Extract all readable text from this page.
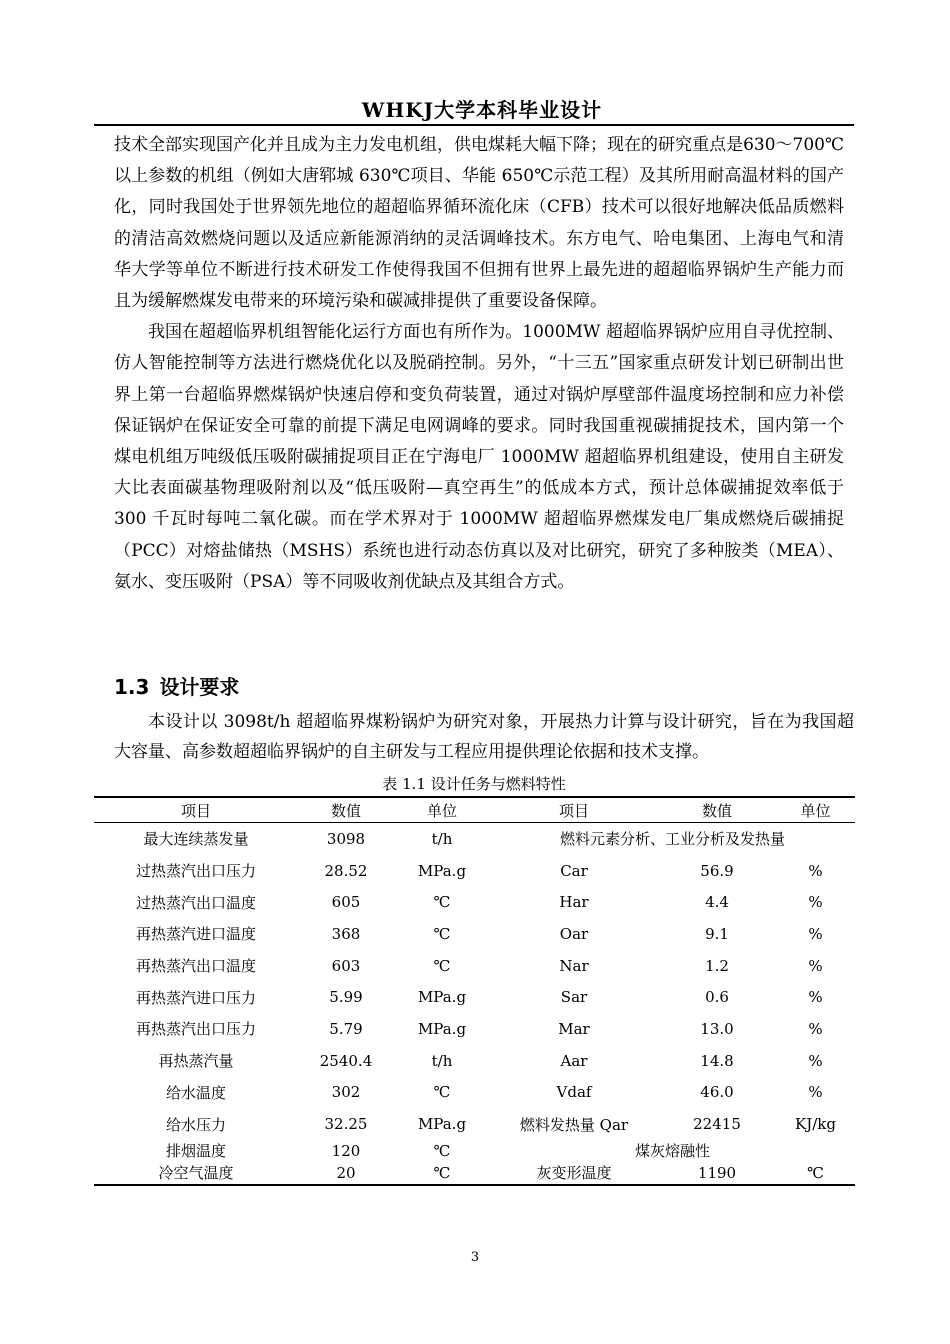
WHKJ大学本科毕业设计

技术全部实现国产化并且成为主力发电机组，供电煤耗大幅下降；现在的研究重点是630～700℃以上参数的机组（例如大唐郓城 630℃项目、华能 650℃示范工程）及其所用耐高温材料的国产化，同时我国处于世界领先地位的超超临界循环流化床（CFB）技术可以很好地解决低品质燃料的清洁高效燃烧问题以及适应新能源消纳的灵活调峰技术。东方电气、哈电集团、上海电气和清华大学等单位不断进行技术研发工作使得我国不但拥有世界上最先进的超超临界锅炉生产能力而且为缓解燃煤发电带来的环境污染和碳减排提供了重要设备保障。

我国在超超临界机组智能化运行方面也有所作为。1000MW 超超临界锅炉应用自寻优控制、仿人智能控制等方法进行燃烧优化以及脱硝控制。另外，“十三五”国家重点研发计划已研制出世界上第一台超临界燃煤锅炉快速启停和变负荷装置，通过对锅炉厚壁部件温度场控制和应力补偿保证锅炉在保证安全可靠的前提下满足电网调峰的要求。同时我国重视碳捕捉技术，国内第一个煤电机组万吨级低压吸附碳捕捉项目正在宁海电厂 1000MW 超超临界机组建设，使用自主研发大比表面碳基物理吸附剂以及“低压吸附—真空再生”的低成本方式，预计总体碳捕捉效率低于 300 千瓦时每吨二氧化碳。而在学术界对于 1000MW 超超临界燃煤发电厂集成燃烧后碳捕捉（PCC）对熔盐储热（MSHS）系统也进行动态仿真以及对比研究，研究了多种胺类（MEA）、氨水、变压吸附（PSA）等不同吸收剂优缺点及其组合方式。

1.3 设计要求

本设计以 3098t/h 超超临界煤粉锅炉为研究对象，开展热力计算与设计研究，旨在为我国超大容量、高参数超超临界锅炉的自主研发与工程应用提供理论依据和技术支撑。

表 1.1 设计任务与燃料特性
项目	数值	单位	项目	数值	单位
最大连续蒸发量	3098	t/h	燃料元素分析、工业分析及发热量		
过热蒸汽出口压力	28.52	MPa.g	Car	56.9	%
过热蒸汽出口温度	605	℃	Har	4.4	%
再热蒸汽进口温度	368	℃	Oar	9.1	%
再热蒸汽出口温度	603	℃	Nar	1.2	%
再热蒸汽进口压力	5.99	MPa.g	Sar	0.6	%
再热蒸汽出口压力	5.79	MPa.g	Mar	13.0	%
再热蒸汽量	2540.4	t/h	Aar	14.8	%
给水温度	302	℃	Vdaf	46.0	%
给水压力	32.25	MPa.g	燃料发热量 Qar	22415	KJ/kg
排烟温度	120	℃	煤灰熔融性		
冷空气温度	20	℃	灰变形温度	1190	℃
3
